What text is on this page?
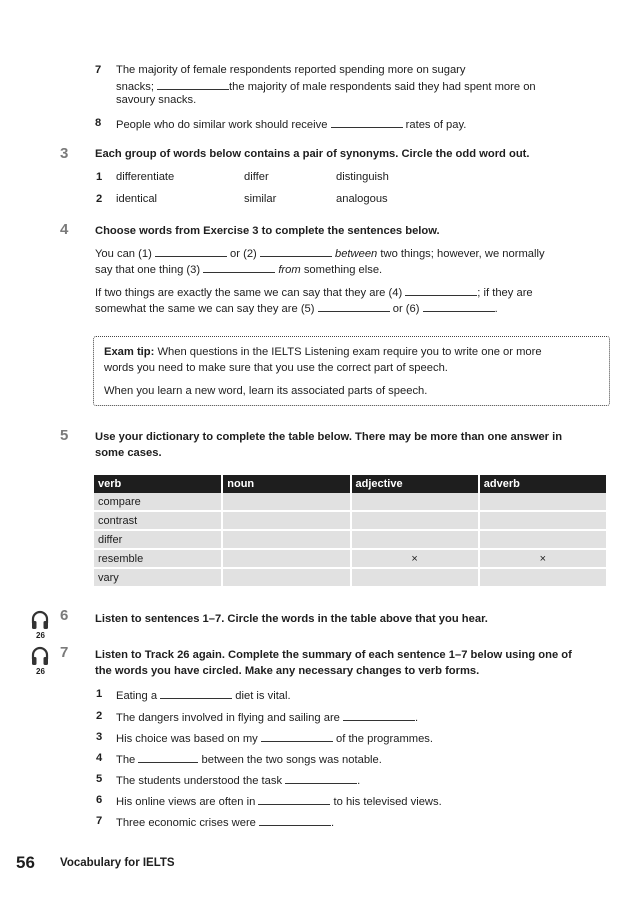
7 The majority of female respondents reported spending more on sugary
snacks;	the majority of male respondents said they had spent more on
savoury snacks.
8 People who do similar work should receive	rates of pay.
3 Each group of words below contains a pair of synonyms. Circle the odd word out.
1 differentiate	differ	distinguish
2 identical	similar	analogous
4 Choose words from Exercise 3 to complete the sentences below.
You can (1)	or (2)	between two things; however, we normally
say that one thing (3)	from something else.
If two things are exactly the same we can say that they are (4)	; if they are
somewhat the same we can say they are (5)	or (6)	.
Exam tip: When questions in the IELTS Listening exam require you to write one or more
words you need to make sure that you use the correct part of speech.
When you learn a new word, learn its associated parts of speech.
5 Use your dictionary to complete the table below. There may be more than one answer in
some cases.
verb	noun	adjective	adverb
compare			
contrast			
differ			
resemble		×	×
vary			
26
6 Listen to sentences 1–7. Circle the words in the table above that you hear.
26
7 Listen to Track 26 again. Complete the summary of each sentence 1–7 below using one of
the words you have circled. Make any necessary changes to verb forms.
1 Eating a	diet is vital.
2 The dangers involved in flying and sailing are	.
3 His choice was based on my	of the programmes.
4 The	between the two songs was notable.
5 The students understood the task	.
6 His online views are often in	to his televised views.
7 Three economic crises were	.
56 Vocabulary for IELTS
